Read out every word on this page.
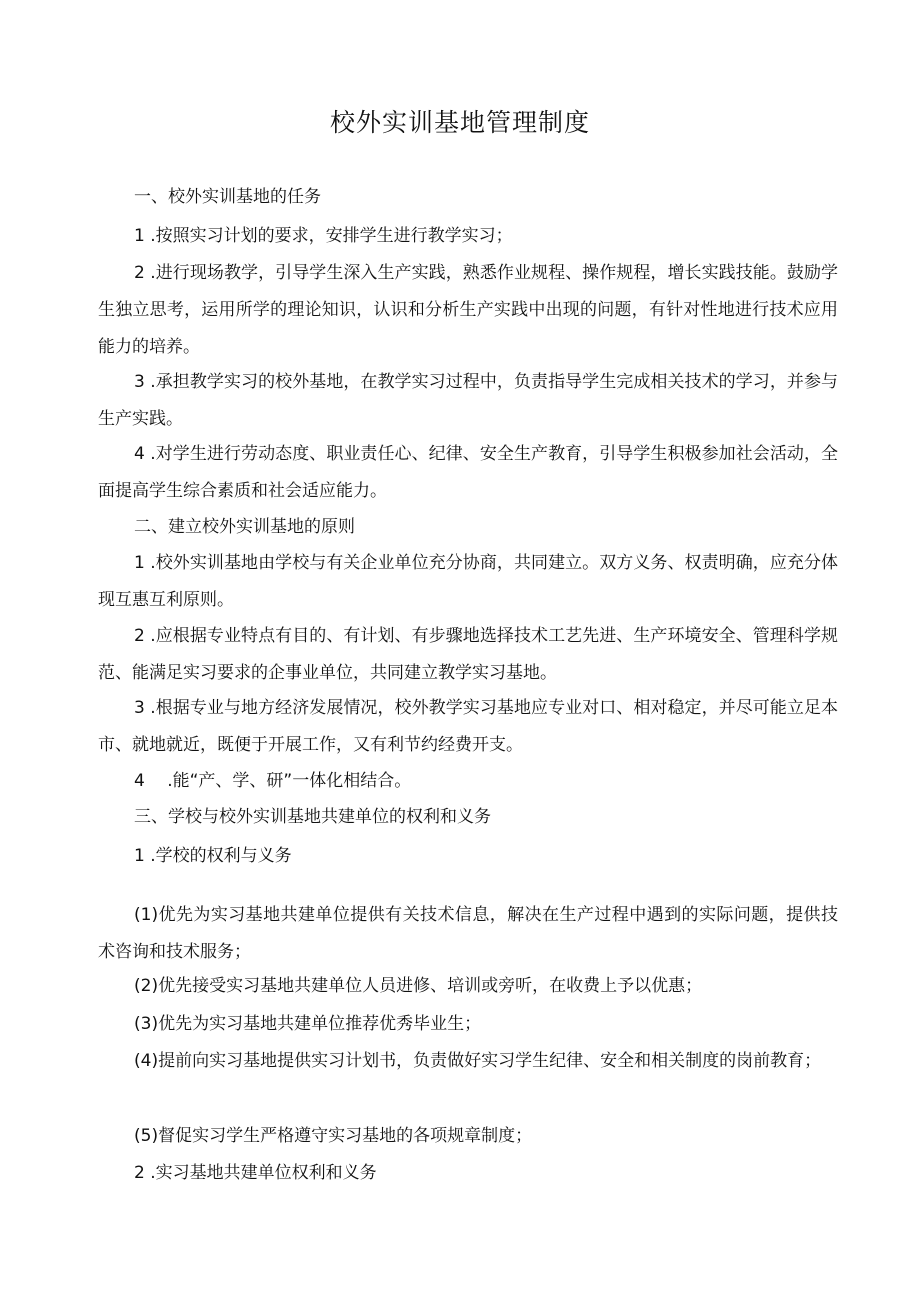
校外实训基地管理制度

一、校外实训基地的任务

1 .按照实习计划的要求，安排学生进行教学实习；

2 .进行现场教学，引导学生深入生产实践，熟悉作业规程、操作规程，增长实践技能。鼓励学生独立思考，运用所学的理论知识，认识和分析生产实践中出现的问题，有针对性地进行技术应用能力的培养。

3 .承担教学实习的校外基地，在教学实习过程中，负责指导学生完成相关技术的学习，并参与生产实践。

4 .对学生进行劳动态度、职业责任心、纪律、安全生产教育，引导学生积极参加社会活动，全面提高学生综合素质和社会适应能力。

二、建立校外实训基地的原则

1 .校外实训基地由学校与有关企业单位充分协商，共同建立。双方义务、权责明确，应充分体现互惠互利原则。

2 .应根据专业特点有目的、有计划、有步骤地选择技术工艺先进、生产环境安全、管理科学规范、能满足实习要求的企事业单位，共同建立教学实习基地。

3 .根据专业与地方经济发展情况，校外教学实习基地应专业对口、相对稳定，并尽可能立足本市、就地就近，既便于开展工作，又有利节约经费开支。

4　 .能“产、学、研”一体化相结合。

三、学校与校外实训基地共建单位的权利和义务

1 .学校的权利与义务

(1)优先为实习基地共建单位提供有关技术信息，解决在生产过程中遇到的实际问题，提供技术咨询和技术服务；

(2)优先接受实习基地共建单位人员进修、培训或旁听，在收费上予以优惠；

(3)优先为实习基地共建单位推荐优秀毕业生；

(4)提前向实习基地提供实习计划书，负责做好实习学生纪律、安全和相关制度的岗前教育；

(5)督促实习学生严格遵守实习基地的各项规章制度；

2 .实习基地共建单位权利和义务
